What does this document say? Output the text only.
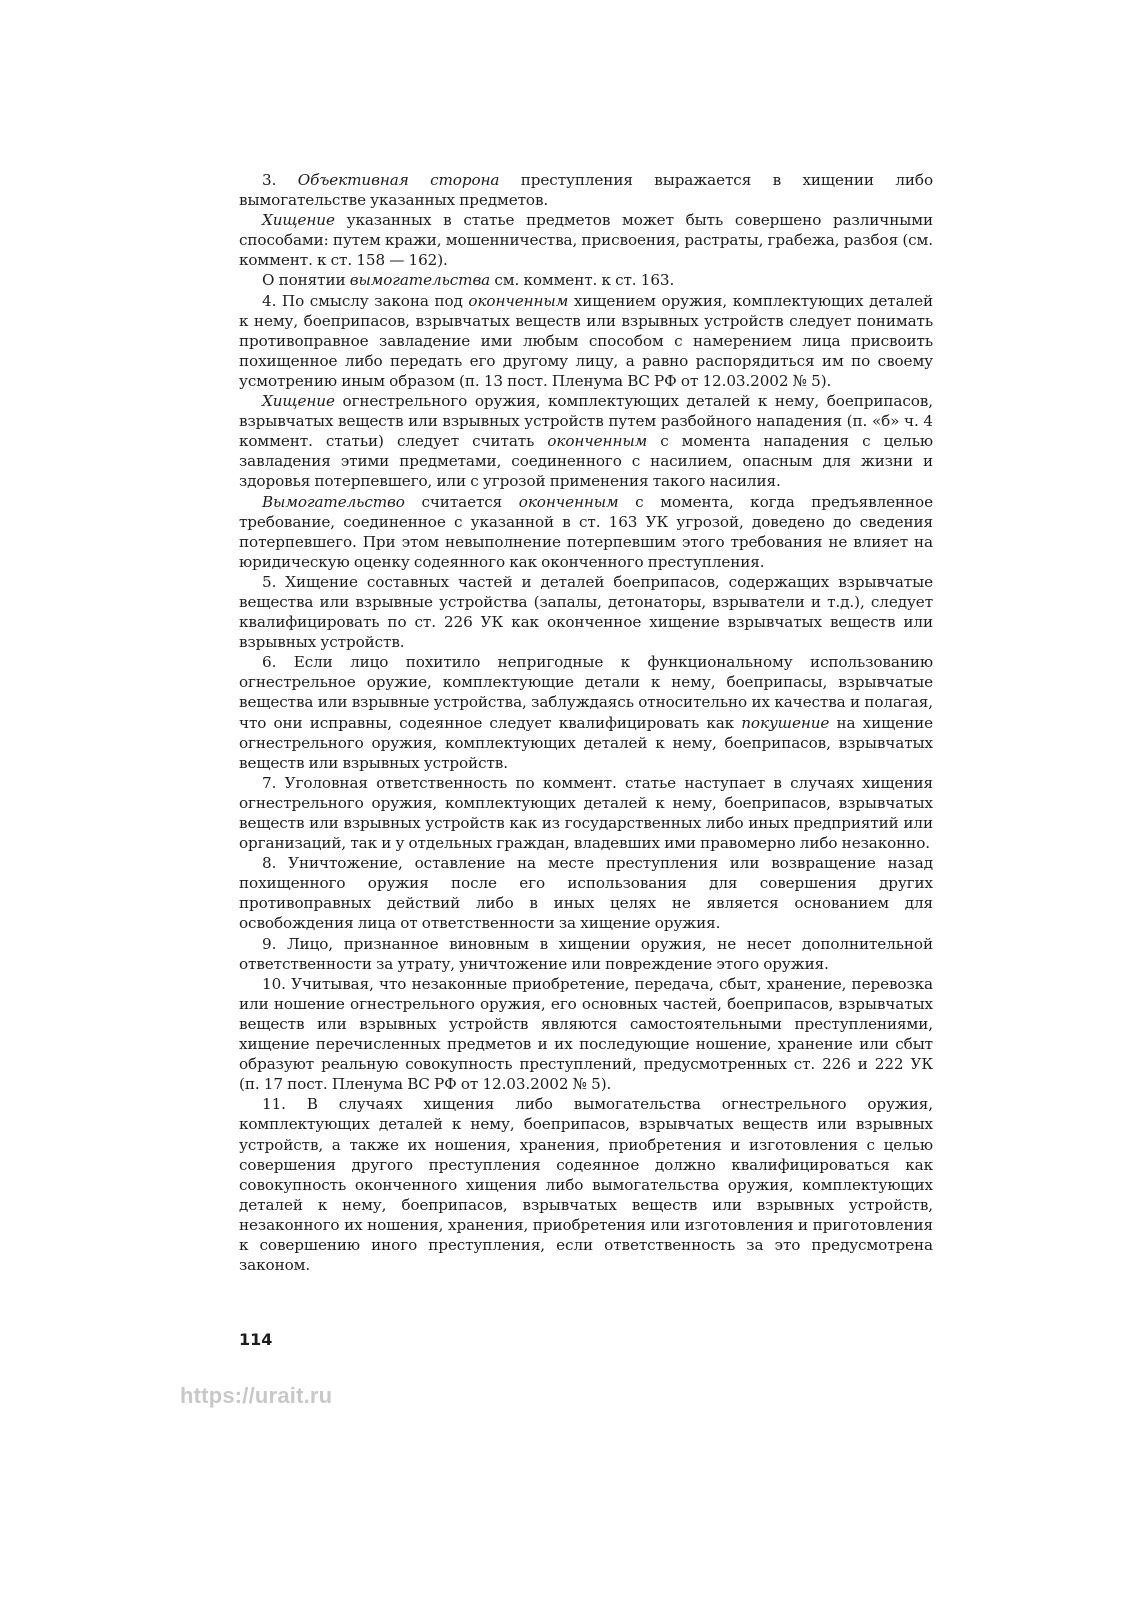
3. Объективная сторона преступления выражается в хищении либо вымогательстве указанных предметов.

Хищение указанных в статье предметов может быть совершено различными способами: путем кражи, мошенничества, присвоения, растраты, грабежа, разбоя (см. коммент. к ст. 158 — 162).

О понятии вымогательства см. коммент. к ст. 163.

4. По смыслу закона под оконченным хищением оружия, комплектующих деталей к нему, боеприпасов, взрывчатых веществ или взрывных устройств следует понимать противоправное завладение ими любым способом с намерением лица присвоить похищенное либо передать его другому лицу, а равно распорядиться им по своему усмотрению иным образом (п. 13 пост. Пленума ВС РФ от 12.03.2002 № 5).

Хищение огнестрельного оружия, комплектующих деталей к нему, боеприпасов, взрывчатых веществ или взрывных устройств путем разбойного нападения (п. «б» ч. 4 коммент. статьи) следует считать оконченным с момента нападения с целью завладения этими предметами, соединенного с насилием, опасным для жизни и здоровья потерпевшего, или с угрозой применения такого насилия.

Вымогательство считается оконченным с момента, когда предъявленное требование, соединенное с указанной в ст. 163 УК угрозой, доведено до сведения потерпевшего. При этом невыполнение потерпевшим этого требования не влияет на юридическую оценку содеянного как оконченного преступления.

5. Хищение составных частей и деталей боеприпасов, содержащих взрывчатые вещества или взрывные устройства (запалы, детонаторы, взрыватели и т.д.), следует квалифицировать по ст. 226 УК как оконченное хищение взрывчатых веществ или взрывных устройств.

6. Если лицо похитило непригодные к функциональному использованию огнестрельное оружие, комплектующие детали к нему, боеприпасы, взрывчатые вещества или взрывные устройства, заблуждаясь относительно их качества и полагая, что они исправны, содеянное следует квалифицировать как покушение на хищение огнестрельного оружия, комплектующих деталей к нему, боеприпасов, взрывчатых веществ или взрывных устройств.

7. Уголовная ответственность по коммент. статье наступает в случаях хищения огнестрельного оружия, комплектующих деталей к нему, боеприпасов, взрывчатых веществ или взрывных устройств как из государственных либо иных предприятий или организаций, так и у отдельных граждан, владевших ими правомерно либо незаконно.

8. Уничтожение, оставление на месте преступления или возвращение назад похищенного оружия после его использования для совершения других противоправных действий либо в иных целях не является основанием для освобождения лица от ответственности за хищение оружия.

9. Лицо, признанное виновным в хищении оружия, не несет дополнительной ответственности за утрату, уничтожение или повреждение этого оружия.

10. Учитывая, что незаконные приобретение, передача, сбыт, хранение, перевозка или ношение огнестрельного оружия, его основных частей, боеприпасов, взрывчатых веществ или взрывных устройств являются самостоятельными преступлениями, хищение перечисленных предметов и их последующие ношение, хранение или сбыт образуют реальную совокупность преступлений, предусмотренных ст. 226 и 222 УК (п. 17 пост. Пленума ВС РФ от 12.03.2002 № 5).

11. В случаях хищения либо вымогательства огнестрельного оружия, комплектующих деталей к нему, боеприпасов, взрывчатых веществ или взрывных устройств, а также их ношения, хранения, приобретения и изготовления с целью совершения другого преступления содеянное должно квалифицироваться как совокупность оконченного хищения либо вымогательства оружия, комплектующих деталей к нему, боеприпасов, взрывчатых веществ или взрывных устройств, незаконного их ношения, хранения, приобретения или изготовления и приготовления к совершению иного преступления, если ответственность за это предусмотрена законом.

114
https://urait.ru
